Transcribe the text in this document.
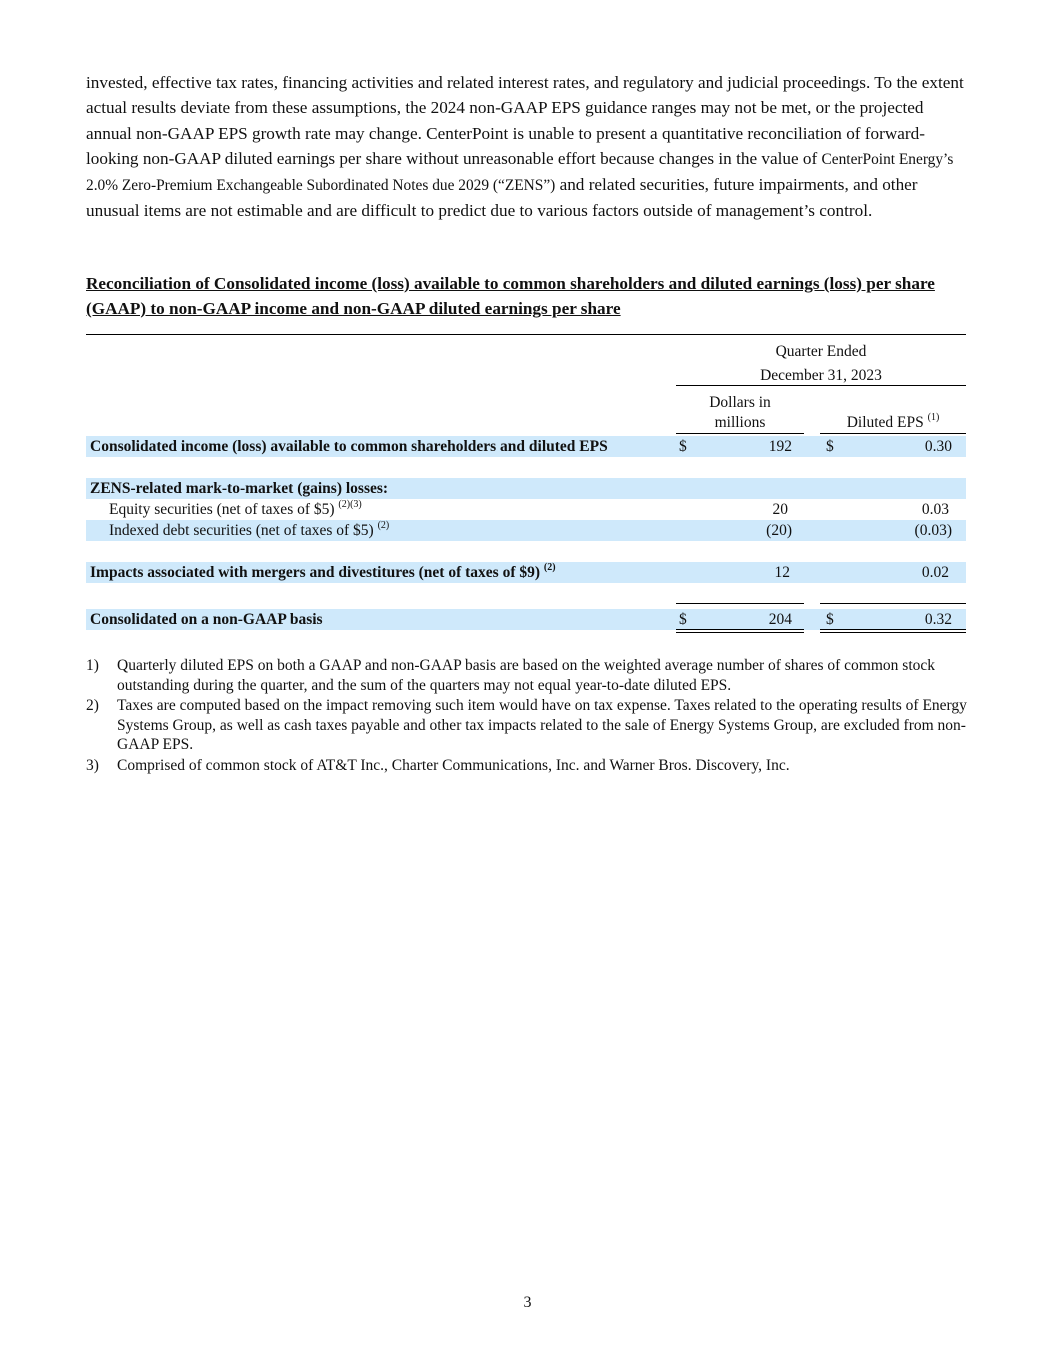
invested, effective tax rates, financing activities and related interest rates, and regulatory and judicial proceedings. To the extent actual results deviate from these assumptions, the 2024 non-GAAP EPS guidance ranges may not be met, or the projected annual non-GAAP EPS growth rate may change. CenterPoint is unable to present a quantitative reconciliation of forward-looking non-GAAP diluted earnings per share without unreasonable effort because changes in the value of CenterPoint Energy’s 2.0% Zero-Premium Exchangeable Subordinated Notes due 2029 (“ZENS”) and related securities, future impairments, and other unusual items are not estimable and are difficult to predict due to various factors outside of management’s control.

Reconciliation of Consolidated income (loss) available to common shareholders and diluted earnings (loss) per share (GAAP) to non-GAAP income and non-GAAP diluted earnings per share

Quarter Ended
December 31, 2023
Dollars in
millions	Diluted EPS $^{(1)}$
Consolidated income (loss) available to common shareholders and diluted EPS	$	192 $	0.30
ZENS-related mark-to-market (gains) losses:
Equity securities (net of taxes of $5) $^{(2)(3)}$	20	0.03
Indexed debt securities (net of taxes of $5) $^{(2)}$	(20)	(0.03)
Impacts associated with mergers and divestitures (net of taxes of $9) $^{(2)}$	12	0.02
Consolidated on a non-GAAP basis	$	204 $	0.32
1) Quarterly diluted EPS on both a GAAP and non-GAAP basis are based on the weighted average number of shares of common stock outstanding during the quarter, and the sum of the quarters may not equal year-to-date diluted EPS.
2) Taxes are computed based on the impact removing such item would have on tax expense. Taxes related to the operating results of Energy Systems Group, as well as cash taxes payable and other tax impacts related to the sale of Energy Systems Group, are excluded from non-GAAP EPS.
3) Comprised of common stock of AT&T Inc., Charter Communications, Inc. and Warner Bros. Discovery, Inc.
3
